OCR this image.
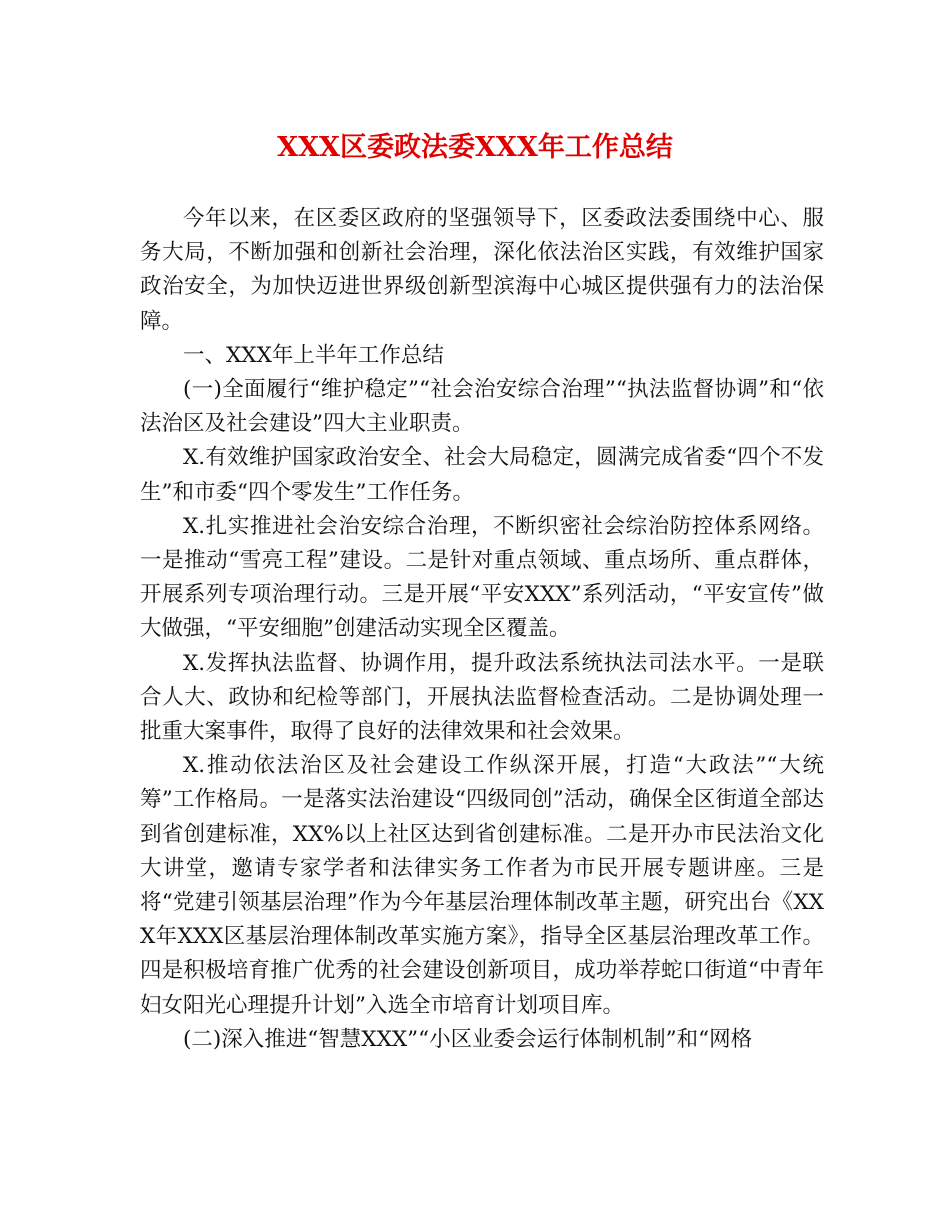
XXX区委政法委XXX年工作总结

今年以来，在区委区政府的坚强领导下，区委政法委围绕中心、服务大局，不断加强和创新社会治理，深化依法治区实践，有效维护国家政治安全，为加快迈进世界级创新型滨海中心城区提供强有力的法治保障。

一、XXX年上半年工作总结

(一)全面履行“维护稳定”“社会治安综合治理”“执法监督协调”和“依法治区及社会建设”四大主业职责。

X.有效维护国家政治安全、社会大局稳定，圆满完成省委“四个不发生”和市委“四个零发生”工作任务。

X.扎实推进社会治安综合治理，不断织密社会综治防控体系网络。一是推动“雪亮工程”建设。二是针对重点领域、重点场所、重点群体，开展系列专项治理行动。三是开展“平安XXX”系列活动，“平安宣传”做大做强，“平安细胞”创建活动实现全区覆盖。

X.发挥执法监督、协调作用，提升政法系统执法司法水平。一是联合人大、政协和纪检等部门，开展执法监督检查活动。二是协调处理一批重大案事件，取得了良好的法律效果和社会效果。

X.推动依法治区及社会建设工作纵深开展，打造“大政法”“大统筹”工作格局。一是落实法治建设“四级同创”活动，确保全区街道全部达到省创建标准，XX%以上社区达到省创建标准。二是开办市民法治文化大讲堂，邀请专家学者和法律实务工作者为市民开展专题讲座。三是将“党建引领基层治理”作为今年基层治理体制改革主题，研究出台《XXX年XXX区基层治理体制改革实施方案》，指导全区基层治理改革工作。四是积极培育推广优秀的社会建设创新项目，成功举荐蛇口街道“中青年妇女阳光心理提升计划”入选全市培育计划项目库。

(二)深入推进“智慧XXX”“小区业委会运行体制机制”和“网格
